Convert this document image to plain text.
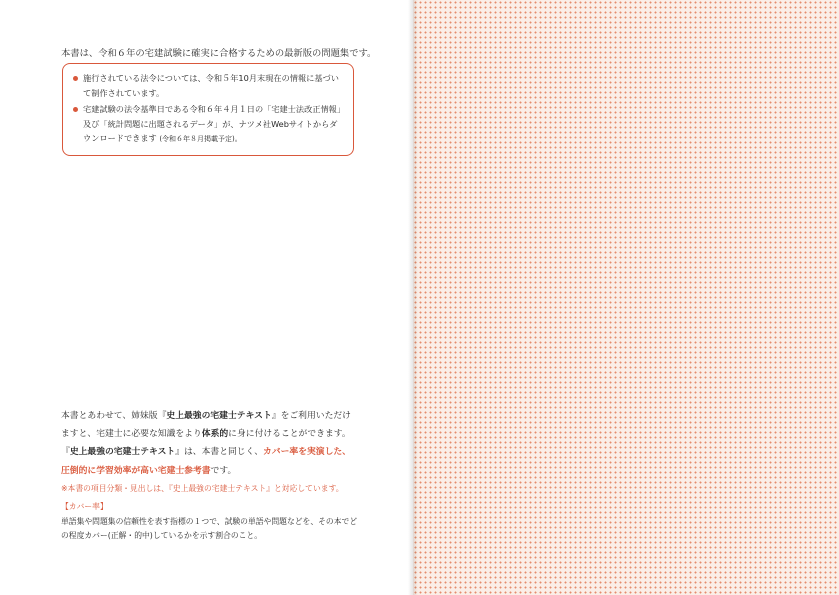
本書は、令和６年の宅建試験に確実に合格するための最新版の問題集です。
施行されている法令については、令和５年10月末現在の情報に基づいて制作されています。
宅建試験の法令基準日である令和６年４月１日の「宅建士法改正情報」及び「統計問題に出題されるデータ」が、ナツメ社Webサイトからダウンロードできます (令和６年８月掲載予定)。
本書とあわせて、姉妹版『史上最強の宅建士テキスト』をご利用いただけますと、宅建士に必要な知識をより体系的に身に付けることができます。『史上最強の宅建士テキスト』は、本書と同じく、カバー率を実演した、圧倒的に学習効率が高い宅建士参考書です。
※本書の項目分類・見出しは、『史上最強の宅建士テキスト』と対応しています。
【カバー率】
単語集や問題集の信頼性を表す指標の１つで、試験の単語や問題などを、その本でどの程度カバー(正解・的中)しているかを示す割合のこと。
